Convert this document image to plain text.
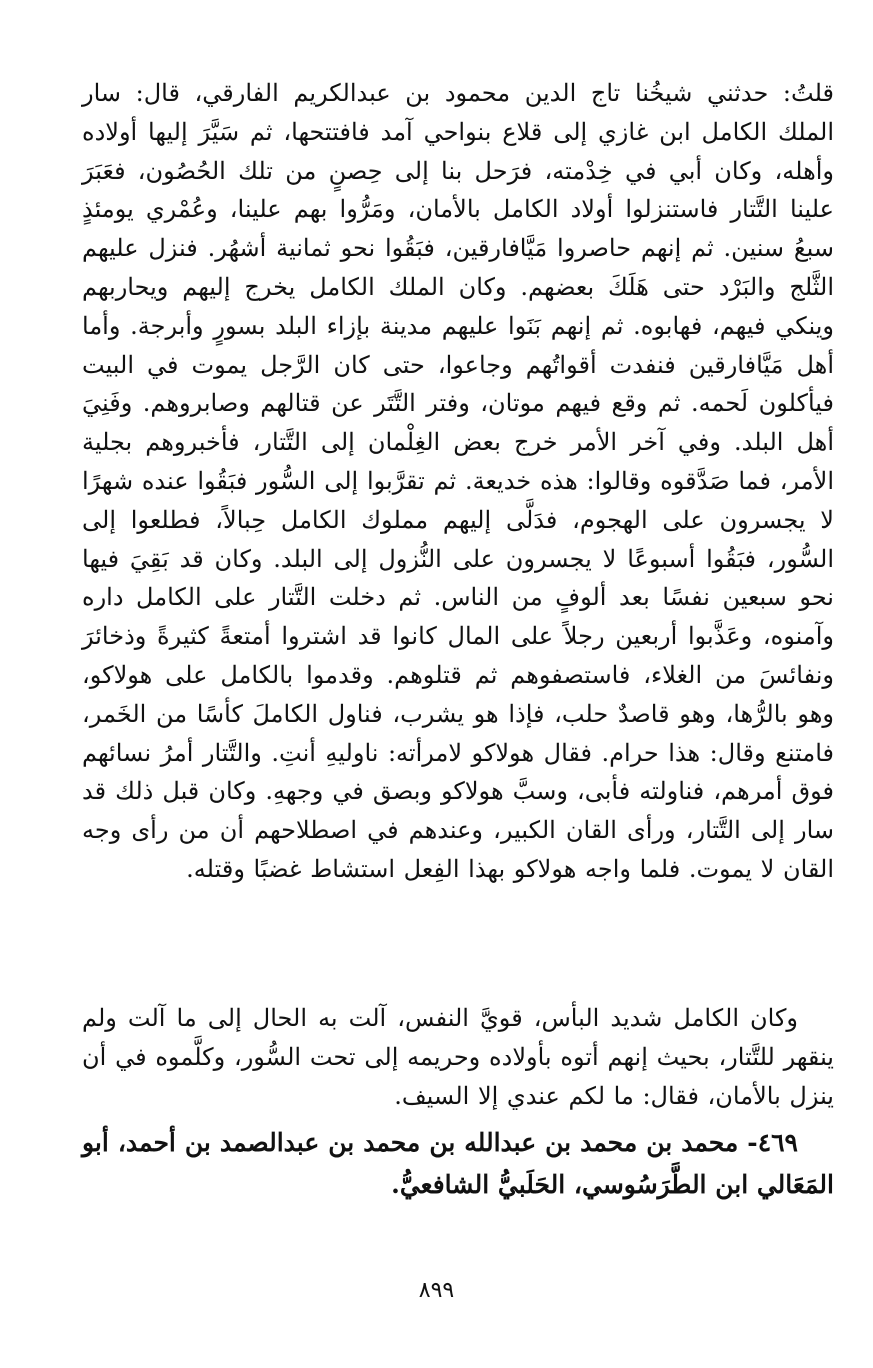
قلتُ: حدثني شيخُنا تاج الدين محمود بن عبدالكريم الفارقي، قال: سار الملك الكامل ابن غازي إلى قلاع بنواحي آمد فافتتحها، ثم سَيَّرَ إليها أولاده وأهله، وكان أبي في خِدْمته، فرَحل بنا إلى حِصنٍ من تلك الحُصُون، فعَبَرَ علينا التَّتار فاستنزلوا أولاد الكامل بالأمان، ومَرُّوا بهم علينا، وعُمْري يومئذٍ سبعُ سنين. ثم إنهم حاصروا مَيَّافارقين، فبَقُوا نحو ثمانية أشهُر. فنزل عليهم الثَّلج والبَرْد حتى هَلَكَ بعضهم. وكان الملك الكامل يخرج إليهم ويحاربهم وينكي فيهم، فهابوه. ثم إنهم بَنَوا عليهم مدينة بإزاء البلد بسورٍ وأبرجة. وأما أهل مَيَّافارقين فنفدت أقواتُهم وجاعوا، حتى كان الرَّجل يموت في البيت فيأكلون لَحمه. ثم وقع فيهم موتان، وفتر التَّتَر عن قتالهم وصابروهم. وفَنِيَ أهل البلد. وفي آخر الأمر خرج بعض الغِلْمان إلى التَّتار، فأخبروهم بجلية الأمر، فما صَدَّقوه وقالوا: هذه خديعة. ثم تقرَّبوا إلى السُّور فبَقُوا عنده شهرًا لا يجسرون على الهجوم، فدَلَّى إليهم مملوك الكامل حِبالاً، فطلعوا إلى السُّور، فبَقُوا أسبوعًا لا يجسرون على النُّزول إلى البلد. وكان قد بَقِيَ فيها نحو سبعين نفسًا بعد ألوفٍ من الناس. ثم دخلت التَّتار على الكامل داره وآمنوه، وعَذَّبوا أربعين رجلاً على المال كانوا قد اشتروا أمتعةً كثيرةً وذخائرَ ونفائسَ من الغلاء، فاستصفوهم ثم قتلوهم. وقدموا بالكامل على هولاكو، وهو بالرُّها، وهو قاصدٌ حلب، فإذا هو يشرب، فناول الكاملَ كأسًا من الخَمر، فامتنع وقال: هذا حرام. فقال هولاكو لامرأته: ناوليهِ أنتِ. والتَّتار أمرُ نسائهم فوق أمرهم، فناولته فأبى، وسبَّ هولاكو وبصق في وجههِ. وكان قبل ذلك قد سار إلى التَّتار، ورأى القان الكبير، وعندهم في اصطلاحهم أن من رأى وجه القان لا يموت. فلما واجه هولاكو بهذا الفِعل استشاط غضبًا وقتله.
وكان الكامل شديد البأس، قويَّ النفس، آلت به الحال إلى ما آلت ولم ينقهر للتَّتار، بحيث إنهم أتوه بأولاده وحريمه إلى تحت السُّور، وكلَّموه في أن ينزل بالأمان، فقال: ما لكم عندي إلا السيف.
٤٦٩- محمد بن محمد بن عبدالله بن محمد بن عبدالصمد بن أحمد، أبو المَعَالي ابن الطَّرَسُوسي، الحَلَبيُّ الشافعيُّ.
٨٩٩
